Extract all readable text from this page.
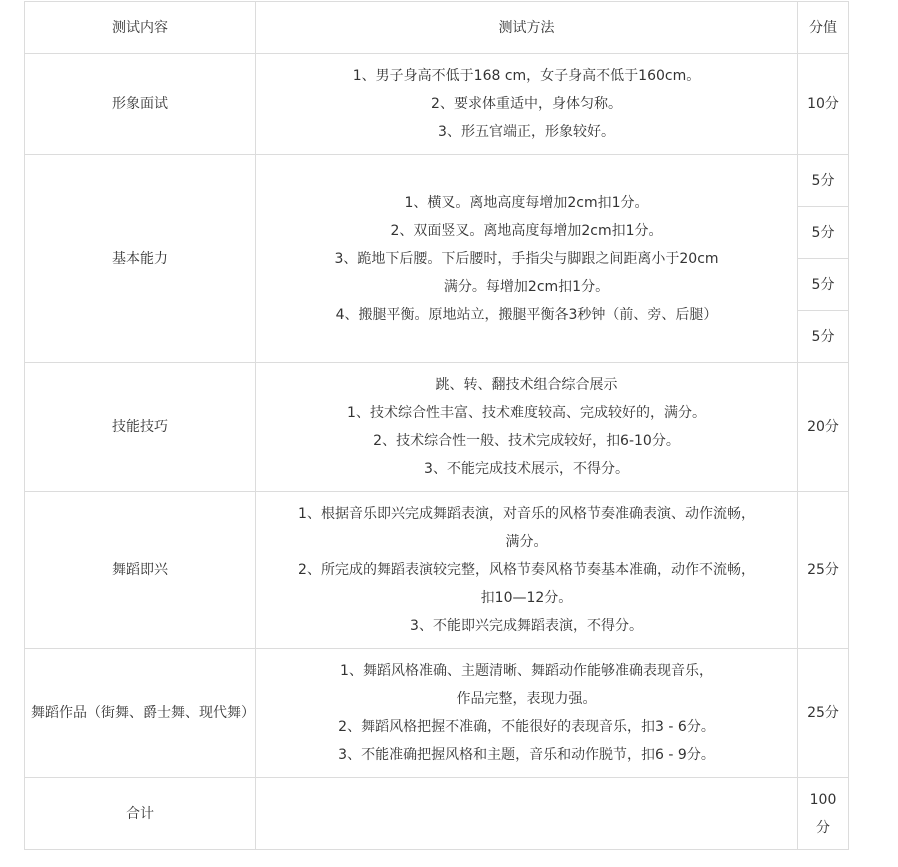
测试内容	测试方法	分值
形象面试	1、男子身高不低于168 cm，女子身高不低于160cm。
2、要求体重适中，身体匀称。
3、形五官端正，形象较好。	10分
基本能力	1、横叉。离地高度每增加2cm扣1分。
2、双面竖叉。离地高度每增加2cm扣1分。
3、跪地下后腰。下后腰时，手指尖与脚跟之间距离小于20cm
满分。每增加2cm扣1分。
4、搬腿平衡。原地站立，搬腿平衡各3秒钟（前、旁、后腿）	5分
		5分
		5分
		5分
技能技巧	跳、转、翻技术组合综合展示
1、技术综合性丰富、技术难度较高、完成较好的，满分。
2、技术综合性一般、技术完成较好，扣6-10分。
3、不能完成技术展示，不得分。	20分
舞蹈即兴	1、根据音乐即兴完成舞蹈表演，对音乐的风格节奏准确表演、动作流畅，
满分。
2、所完成的舞蹈表演较完整，风格节奏风格节奏基本准确，动作不流畅，
扣10—12分。
3、不能即兴完成舞蹈表演，不得分。	25分
舞蹈作品（街舞、爵士舞、现代舞）	1、舞蹈风格准确、主题清晰、舞蹈动作能够准确表现音乐，
作品完整，表现力强。
2、舞蹈风格把握不准确，不能很好的表现音乐，扣3 - 6分。
3、不能准确把握风格和主题，音乐和动作脱节，扣6 - 9分。	25分
合计		100分
